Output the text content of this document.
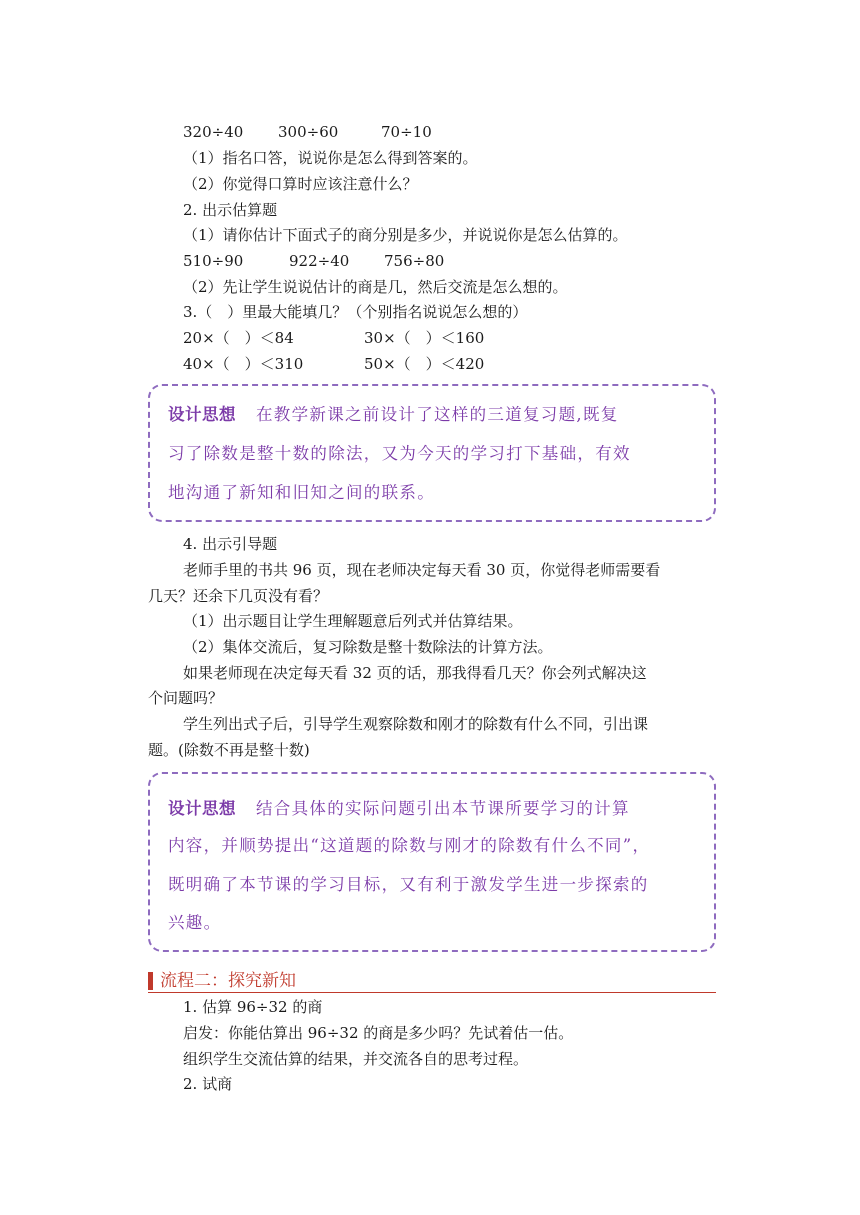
320÷40 300÷60	70÷10
（1）指名口答，说说你是怎么得到答案的。
（2）你觉得口算时应该注意什么？
2. 出示估算题
（1）请你估计下面式子的商分别是多少，并说说你是怎么估算的。
510÷90	922÷40 756÷80
（2）先让学生说说估计的商是几，然后交流是怎么想的。
3.（　）里最大能填几？（个别指名说说怎么想的）
20×（　）＜84	30×（　）＜160
40×（　）＜310	50×（　）＜420
设计思想 在教学新课之前设计了这样的三道复习题,既复
习了除数是整十数的除法，又为今天的学习打下基础，有效
地沟通了新知和旧知之间的联系。
4. 出示引导题
老师手里的书共 96 页，现在老师决定每天看 30 页，你觉得老师需要看
几天？还余下几页没有看？
（1）出示题目让学生理解题意后列式并估算结果。
（2）集体交流后，复习除数是整十数除法的计算方法。
如果老师现在决定每天看 32 页的话，那我得看几天？你会列式解决这
个问题吗？
学生列出式子后，引导学生观察除数和刚才的除数有什么不同，引出课
题。(除数不再是整十数)
设计思想 结合具体的实际问题引出本节课所要学习的计算
内容，并顺势提出“这道题的除数与刚才的除数有什么不同”，
既明确了本节课的学习目标，又有利于激发学生进一步探索的
兴趣。
流程二：探究新知
1. 估算 96÷32 的商
启发：你能估算出 96÷32 的商是多少吗？先试着估一估。
组织学生交流估算的结果，并交流各自的思考过程。
2. 试商
